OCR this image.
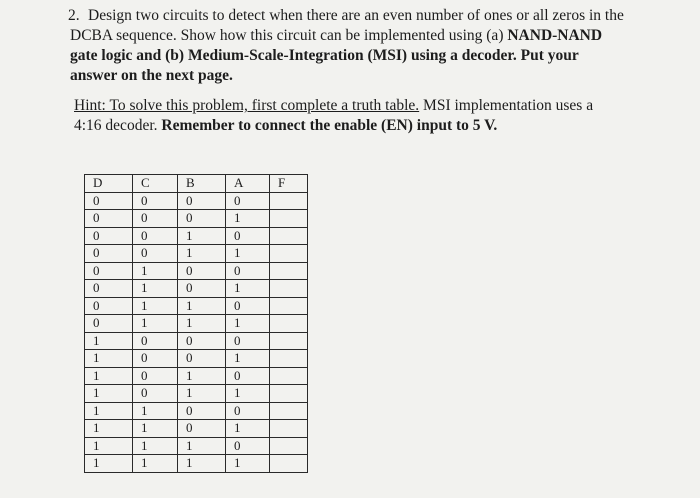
2. Design two circuits to detect when there are an even number of ones or all zeros in the

DCBA sequence. Show how this circuit can be implemented using (a) NAND-NAND

gate logic and (b) Medium-Scale-Integration (MSI) using a decoder. Put your

answer on the next page.

Hint: To solve this problem, first complete a truth table. MSI implementation uses a

4:16 decoder. Remember to connect the enable (EN) input to 5 V.

D	C	B	A	F
0	0	0	0	
0	0	0	1	
0	0	1	0	
0	0	1	1	
0	1	0	0	
0	1	0	1	
0	1	1	0	
0	1	1	1	
1	0	0	0	
1	0	0	1	
1	0	1	0	
1	0	1	1	
1	1	0	0	
1	1	0	1	
1	1	1	0	
1	1	1	1	
